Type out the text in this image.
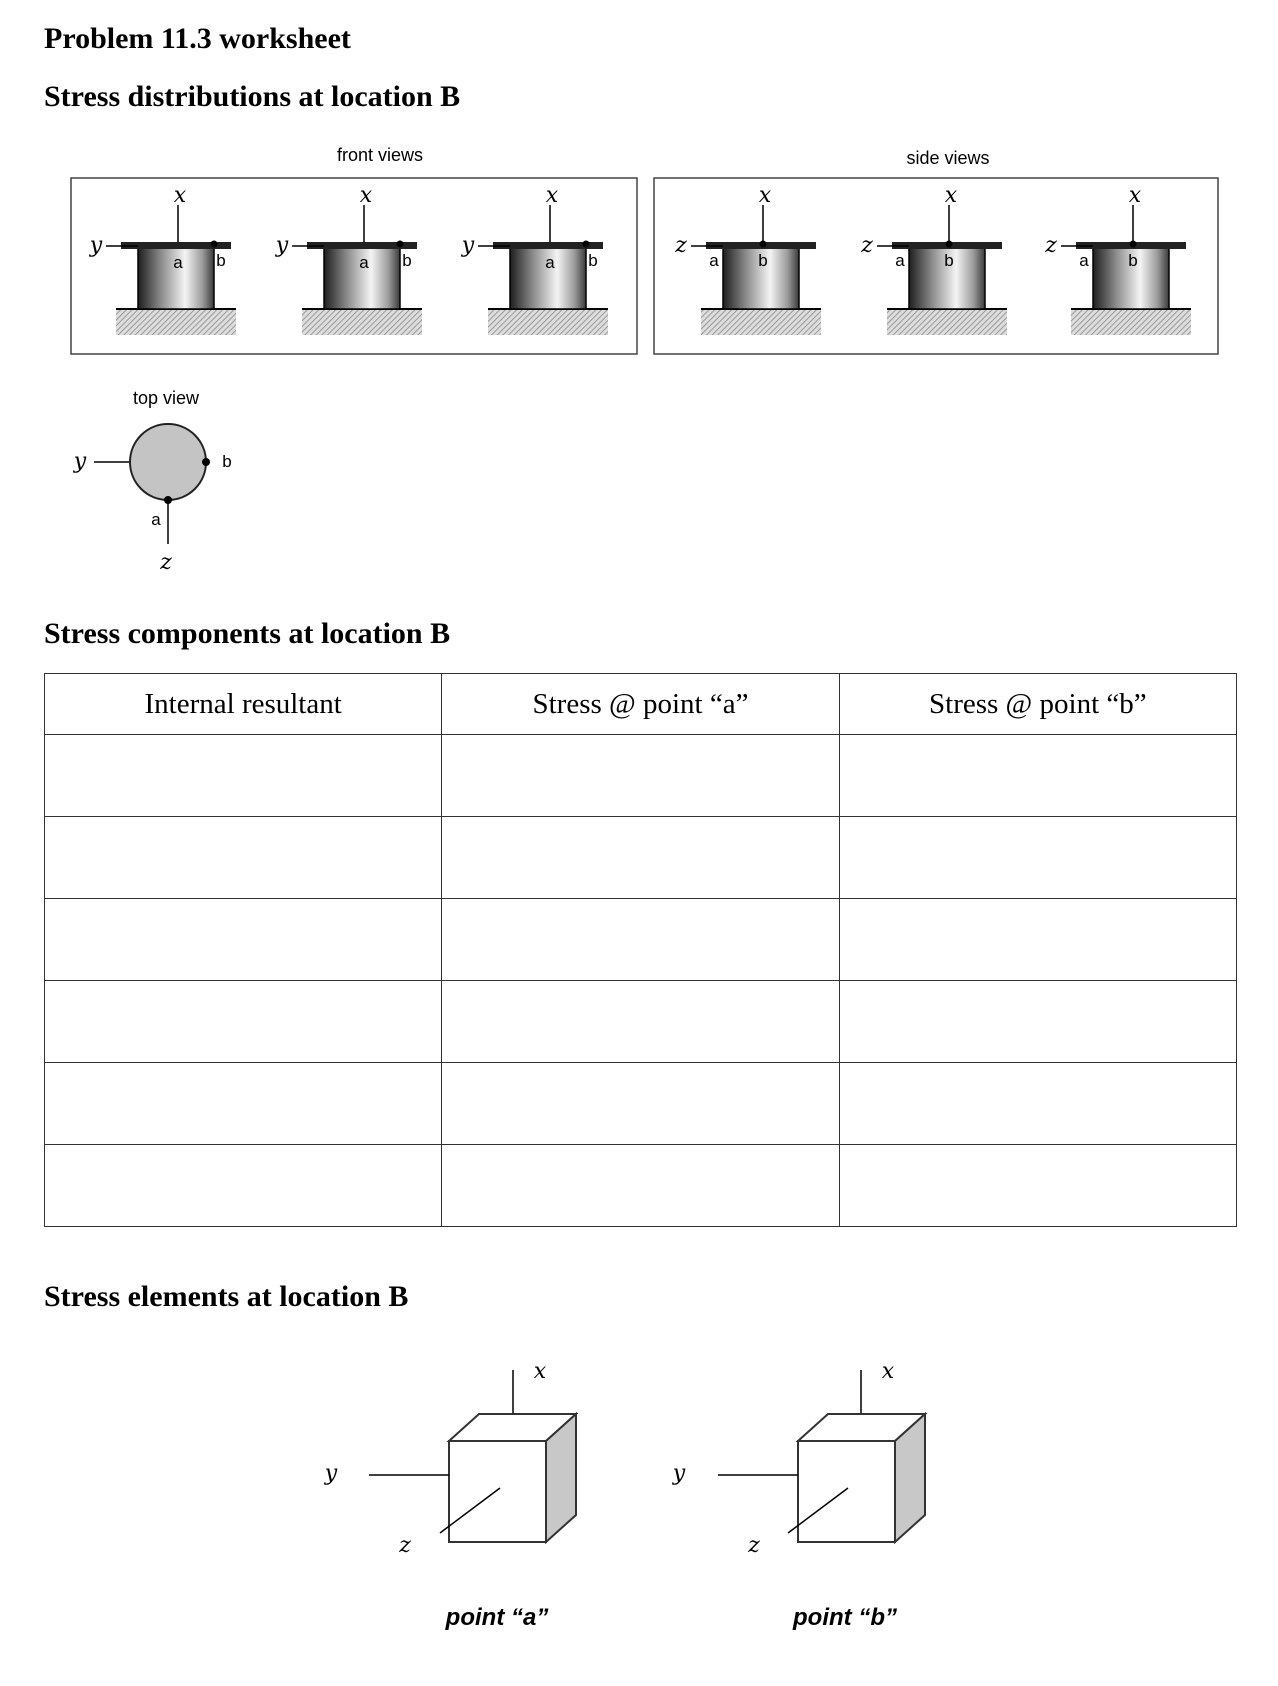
Problem 11.3 worksheet
Stress distributions at location B
front views	side views
x
y
a b
x
y
a b
x
y
a b
x
z
a b
x
z
a b
x
z
a b
top view
y	b
a
z
Stress components at location B
Internal resultant	Stress @ point “a”	Stress @ point “b”

Stress elements at location B
x
y
z
point “a”
x
y
z
point “b”
